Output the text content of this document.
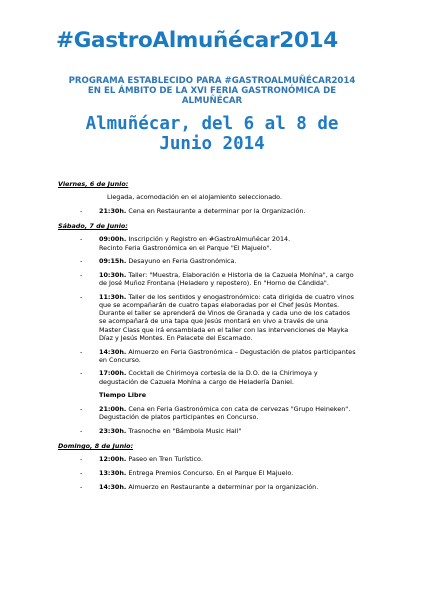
#GastroAlmuñécar2014
PROGRAMA ESTABLECIDO PARA #GASTROALMUÑÉCAR2014
EN EL ÁMBITO DE LA XVI FERIA GASTRONÓMICA DE
ALMUÑÉCAR
Almuñécar, del 6 al 8 de
Junio 2014
Viernes, 6 de Junio:
Llegada, acomodación en el alojamiento seleccionado.
-	21:30h. Cena en Restaurante a determinar por la Organización.
Sábado, 7 de Junio:
-	09:00h. Inscripción y Registro en #GastroAlmuñécar 2014.
Recinto Feria Gastronómica en el Parque "El Majuelo".
-	09:15h. Desayuno en Feria Gastronómica.
-	10:30h. Taller: "Muestra, Elaboración e Historia de la Cazuela Mohína", a cargo
de José Muñoz Frontana (Heladero y repostero). En "Horno de Cándida".
-	11:30h. Taller de los sentidos y enogastronómico: cata dirigida de cuatro vinos
que se acompañarán de cuatro tapas elaboradas por el Chef Jesús Montes.
Durante el taller se aprenderá de Vinos de Granada y cada uno de los catados
se acompañará de una tapa que Jesús montará en vivo a través de una
Master Class que irá ensamblada en el taller con las intervenciones de Mayka
Díaz y Jesús Montes. En Palacete del Escamado.
-	14:30h. Almuerzo en Feria Gastronómica – Degustación de platos participantes
en Concurso.
-	17:00h. Cocktail de Chirimoya cortesía de la D.O. de la Chirimoya y
degustación de Cazuela Mohína a cargo de Heladería Daniel.
Tiempo Libre
-	21:00h. Cena en Feria Gastronómica con cata de cervezas "Grupo Heineken".
Degustación de platos participantes en Concurso.
-	23:30h. Trasnoche en "Bámbola Music Hall"
Domingo, 8 de Junio:
-	12:00h. Paseo en Tren Turístico.
-	13:30h. Entrega Premios Concurso. En el Parque El Majuelo.
-	14:30h. Almuerzo en Restaurante a determinar por la organización.
